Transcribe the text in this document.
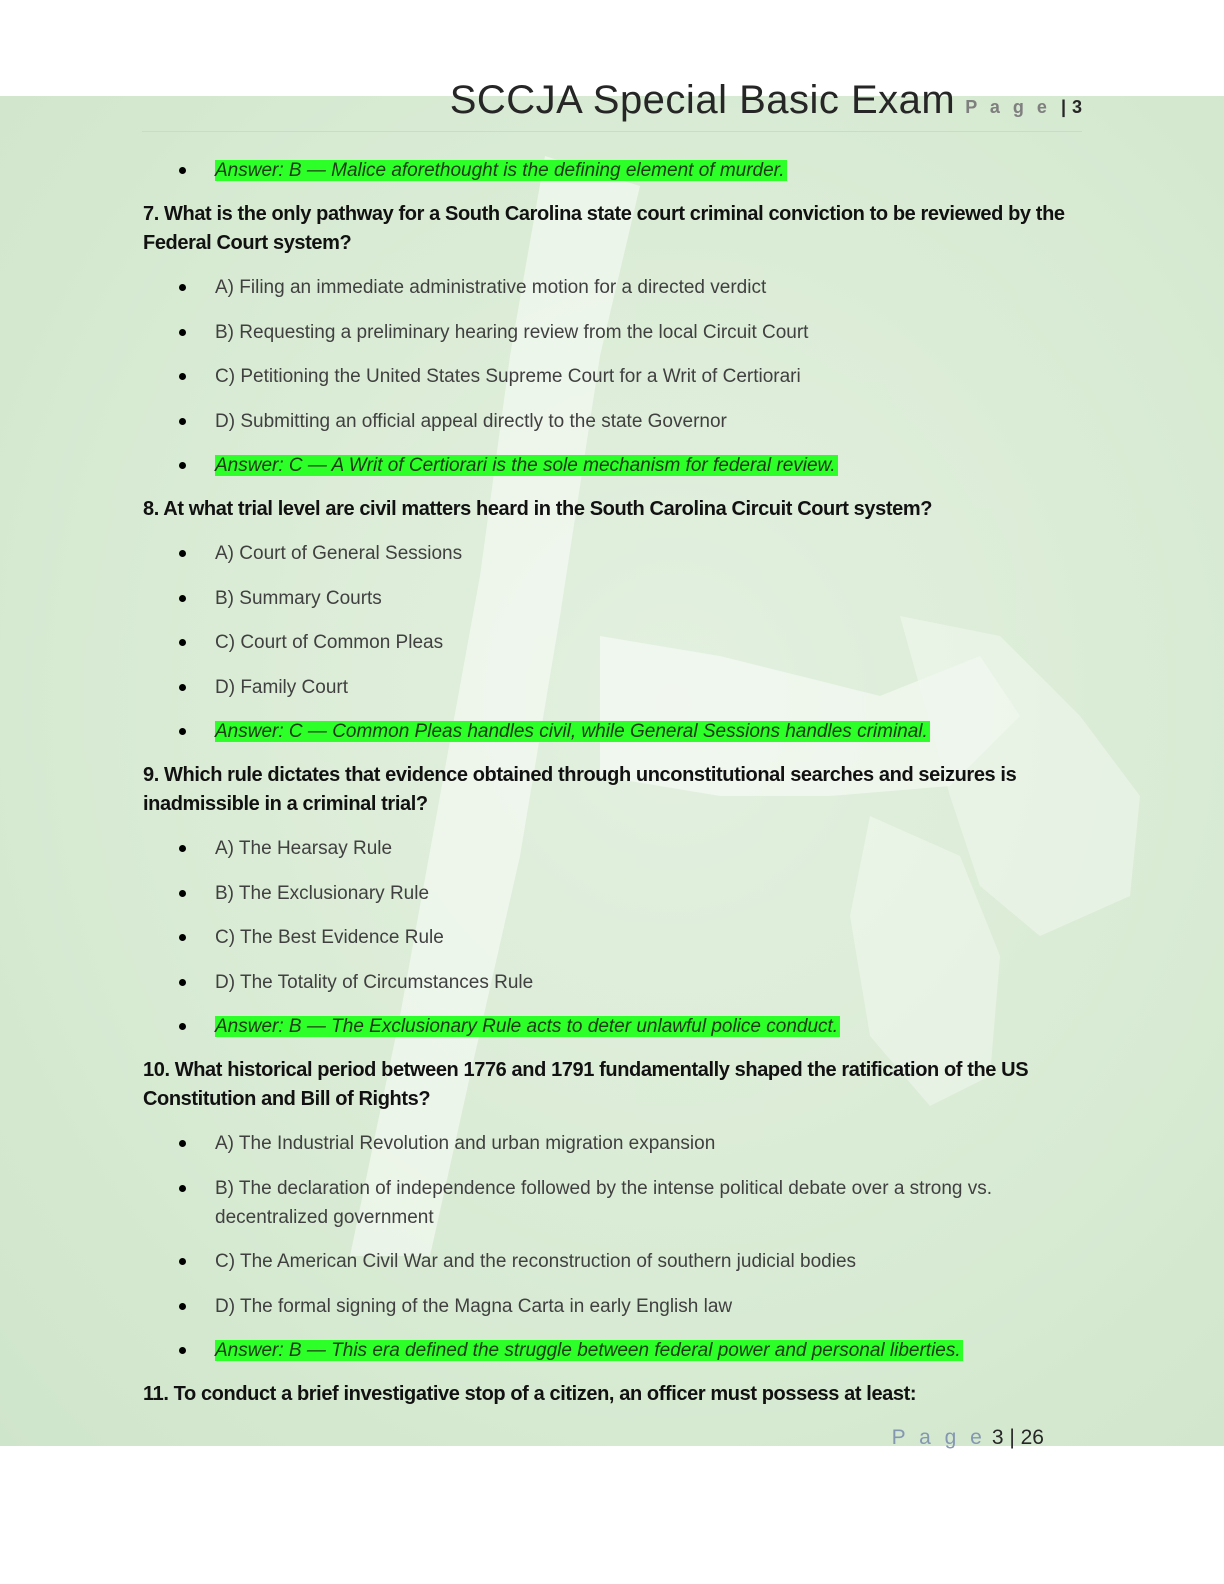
SCCJA Special Basic Exam P a g e | 3
Answer: B — Malice aforethought is the defining element of murder.
7. What is the only pathway for a South Carolina state court criminal conviction to be reviewed by the Federal Court system?
A) Filing an immediate administrative motion for a directed verdict
B) Requesting a preliminary hearing review from the local Circuit Court
C) Petitioning the United States Supreme Court for a Writ of Certiorari
D) Submitting an official appeal directly to the state Governor
Answer: C — A Writ of Certiorari is the sole mechanism for federal review.
8. At what trial level are civil matters heard in the South Carolina Circuit Court system?
A) Court of General Sessions
B) Summary Courts
C) Court of Common Pleas
D) Family Court
Answer: C — Common Pleas handles civil, while General Sessions handles criminal.
9. Which rule dictates that evidence obtained through unconstitutional searches and seizures is inadmissible in a criminal trial?
A) The Hearsay Rule
B) The Exclusionary Rule
C) The Best Evidence Rule
D) The Totality of Circumstances Rule
Answer: B — The Exclusionary Rule acts to deter unlawful police conduct.
10. What historical period between 1776 and 1791 fundamentally shaped the ratification of the US Constitution and Bill of Rights?
A) The Industrial Revolution and urban migration expansion
B) The declaration of independence followed by the intense political debate over a strong vs. decentralized government
C) The American Civil War and the reconstruction of southern judicial bodies
D) The formal signing of the Magna Carta in early English law
Answer: B — This era defined the struggle between federal power and personal liberties.
11. To conduct a brief investigative stop of a citizen, an officer must possess at least:
P a g e 3 | 26
